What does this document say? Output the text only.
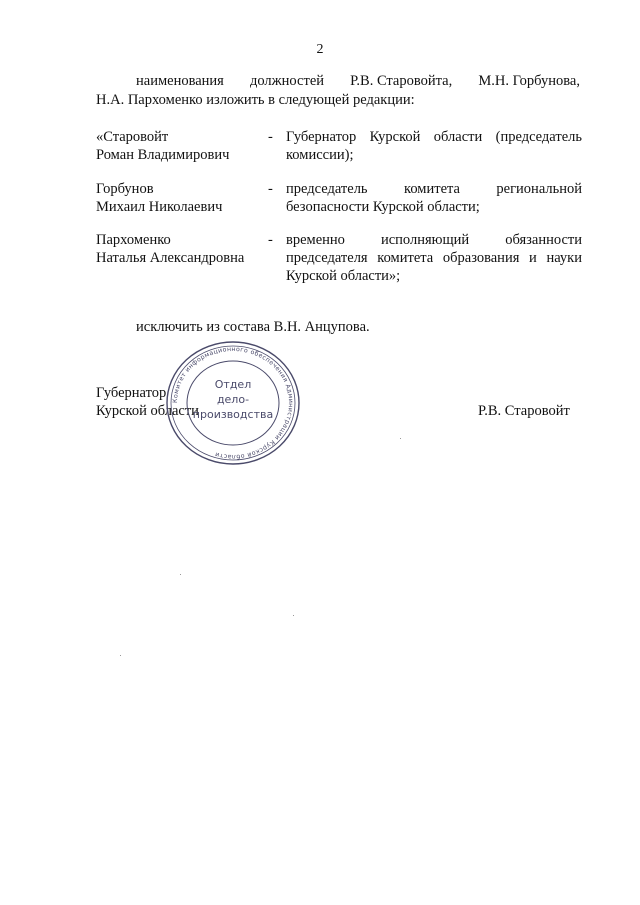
2
наименования должностей Р.В. Старовойта, М.Н. Горбунова,
Н.А. Пархоменко изложить в следующей редакции:
«Старовойт
Роман Владимирович
- Губернатор Курской области (председатель
комиссии);
Горбунов
Михаил Николаевич
- председатель комитета региональной
безопасности Курской области;
Пархоменко
Наталья Александровна
- временно исполняющий обязанности
председателя комитета образования и науки
Курской области»;
исключить из состава В.Н. Анцупова.
Губернатор
Курской области	Р.В. Старовойт
Комитет информационного обеспечения Администрации Курской области
Отдел
дело-
производства
